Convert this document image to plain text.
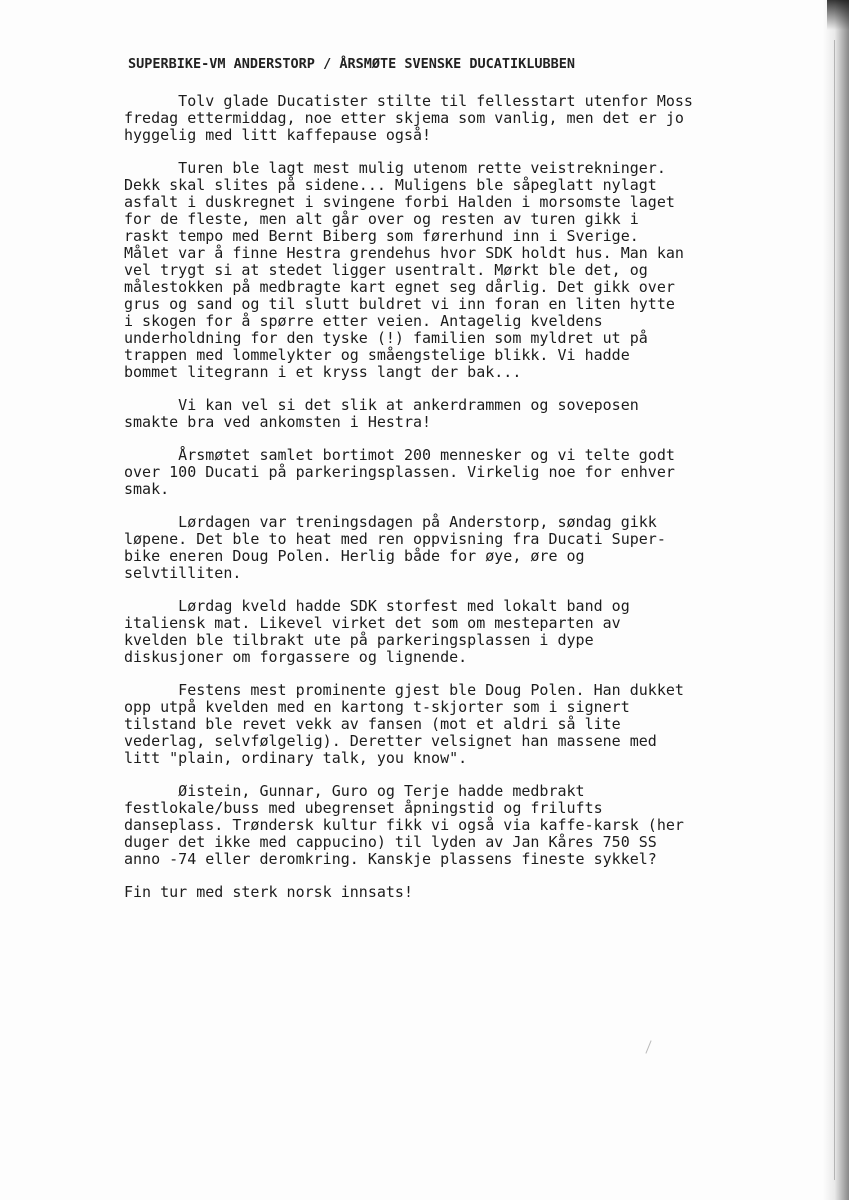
SUPERBIKE-VM ANDERSTORP / ÅRSMØTE SVENSKE DUCATIKLUBBEN
Tolv glade Ducatister stilte til fellesstart utenfor Moss
fredag ettermiddag, noe etter skjema som vanlig, men det er jo
hyggelig med litt kaffepause også!
Turen ble lagt mest mulig utenom rette veistrekninger.
Dekk skal slites på sidene... Muligens ble såpeglatt nylagt
asfalt i duskregnet i svingene forbi Halden i morsomste laget
for de fleste, men alt går over og resten av turen gikk i
raskt tempo med Bernt Biberg som førerhund inn i Sverige.
Målet var å finne Hestra grendehus hvor SDK holdt hus. Man kan
vel trygt si at stedet ligger usentralt. Mørkt ble det, og
målestokken på medbragte kart egnet seg dårlig. Det gikk over
grus og sand og til slutt buldret vi inn foran en liten hytte
i skogen for å spørre etter veien. Antagelig kveldens
underholdning for den tyske (!) familien som myldret ut på
trappen med lommelykter og småengstelige blikk. Vi hadde
bommet litegrann i et kryss langt der bak...
Vi kan vel si det slik at ankerdrammen og soveposen
smakte bra ved ankomsten i Hestra!
Årsmøtet samlet bortimot 200 mennesker og vi telte godt
over 100 Ducati på parkeringsplassen. Virkelig noe for enhver
smak.
Lørdagen var treningsdagen på Anderstorp, søndag gikk
løpene. Det ble to heat med ren oppvisning fra Ducati Super-
bike eneren Doug Polen. Herlig både for øye, øre og
selvtilliten.
Lørdag kveld hadde SDK storfest med lokalt band og
italiensk mat. Likevel virket det som om mesteparten av
kvelden ble tilbrakt ute på parkeringsplassen i dype
diskusjoner om forgassere og lignende.
Festens mest prominente gjest ble Doug Polen. Han dukket
opp utpå kvelden med en kartong t-skjorter som i signert
tilstand ble revet vekk av fansen (mot et aldri så lite
vederlag, selvfølgelig). Deretter velsignet han massene med
litt "plain, ordinary talk, you know".
Øistein, Gunnar, Guro og Terje hadde medbrakt
festlokale/buss med ubegrenset åpningstid og frilufts
danseplass. Trøndersk kultur fikk vi også via kaffe-karsk (her
duger det ikke med cappucino) til lyden av Jan Kåres 750 SS
anno -74 eller deromkring. Kanskje plassens fineste sykkel?
Fin tur med sterk norsk innsats!
